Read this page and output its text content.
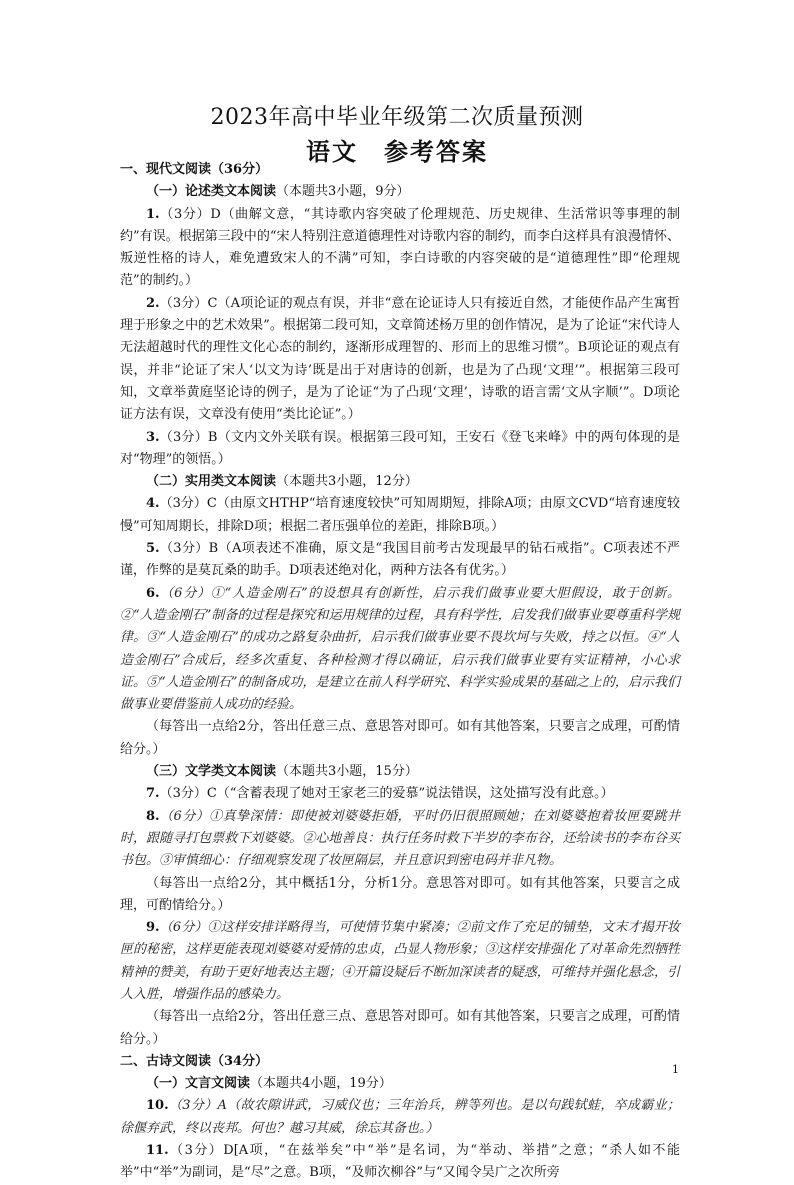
2023年高中毕业年级第二次质量预测
语文　参考答案

一、现代文阅读（36分）

（一）论述类文本阅读（本题共3小题，9分）

1.（3分）D（曲解文意，“其诗歌内容突破了伦理规范、历史规律、生活常识等事理的制约”有误。根据第三段中的“宋人特别注意道德理性对诗歌内容的制约，而李白这样具有浪漫情怀、叛逆性格的诗人，难免遭致宋人的不满”可知，李白诗歌的内容突破的是“道德理性”即“伦理规范”的制约。）

2.（3分）C（A项论证的观点有误，并非“意在论证诗人只有接近自然，才能使作品产生寓哲理于形象之中的艺术效果”。根据第二段可知，文章简述杨万里的创作情况，是为了论证“宋代诗人无法超越时代的理性文化心态的制约，逐渐形成理智的、形而上的思维习惯”。B项论证的观点有误，并非“论证了宋人‘以文为诗’既是出于对唐诗的创新，也是为了凸现‘文理’”。根据第三段可知，文章举黄庭坚论诗的例子，是为了论证“为了凸现‘文理’，诗歌的语言需‘文从字顺’”。D项论证方法有误，文章没有使用“类比论证”。）

3.（3分）B（文内文外关联有误。根据第三段可知，王安石《登飞来峰》中的两句体现的是对“物理”的领悟。）

（二）实用类文本阅读（本题共3小题，12分）

4.（3分）C（由原文HTHP“培育速度较快”可知周期短，排除A项；由原文CVD“培育速度较慢”可知周期长，排除D项；根据二者压强单位的差距，排除B项。）

5.（3分）B（A项表述不准确，原文是“我国目前考古发现最早的钻石戒指”。C项表述不严谨，作弊的是莫瓦桑的助手。D项表述绝对化，两种方法各有优劣。）

6.（6分）①“人造金刚石”的设想具有创新性，启示我们做事业要大胆假设，敢于创新。②“人造金刚石”制备的过程是探究和运用规律的过程，具有科学性，启发我们做事业要尊重科学规律。③“人造金刚石”的成功之路复杂曲折，启示我们做事业要不畏坎坷与失败，持之以恒。④“人造金刚石”合成后，经多次重复、各种检测才得以确证，启示我们做事业要有实证精神，小心求证。⑤“人造金刚石”的制备成功，是建立在前人科学研究、科学实验成果的基础之上的，启示我们做事业要借鉴前人成功的经验。

（每答出一点给2分，答出任意三点、意思答对即可。如有其他答案，只要言之成理，可酌情给分。）

（三）文学类文本阅读（本题共3小题，15分）

7.（3分）C（“含蓄表现了她对王家老三的爱慕”说法错误，这处描写没有此意。）

8.（6分）①真挚深情：即使被刘婆婆拒婚，平时仍旧很照顾她；在刘婆婆抱着妆匣要跳井时，跟随寻打包票救下刘婆婆。②心地善良：执行任务时救下半岁的李布谷，还给读书的李布谷买书包。③审慎细心：仔细观察发现了妆匣隔层，并且意识到密电码并非凡物。

（每答出一点给2分，其中概括1分，分析1分。意思答对即可。如有其他答案，只要言之成理，可酌情给分。）

9.（6分）①这样安排详略得当，可使情节集中紧凑；②前文作了充足的铺垫，文末才揭开妆匣的秘密，这样更能表现刘婆婆对爱情的忠贞，凸显人物形象；③这样安排强化了对革命先烈牺牲精神的赞美，有助于更好地表达主题；④开篇设疑后不断加深读者的疑惑，可维持并强化悬念，引人入胜，增强作品的感染力。

（每答出一点给2分，答出任意三点、意思答对即可。如有其他答案，只要言之成理，可酌情给分。）

二、古诗文阅读（34分）

（一）文言文阅读（本题共4小题，19分）

10.（3分）A（故农隙讲武，习威仪也；三年治兵，辨等列也。是以句践轼蛙，卒成霸业；徐偃弃武，终以丧邦。何也？越习其威，徐忘其备也。）

11.（3分）D[A项，“在兹举矣”中“举”是名词，为“举动、举措”之意；“杀人如不能举”中“举”为副词，是“尽”之意。B项，“及师次柳谷”与“又闻令吴广之次所旁

1
